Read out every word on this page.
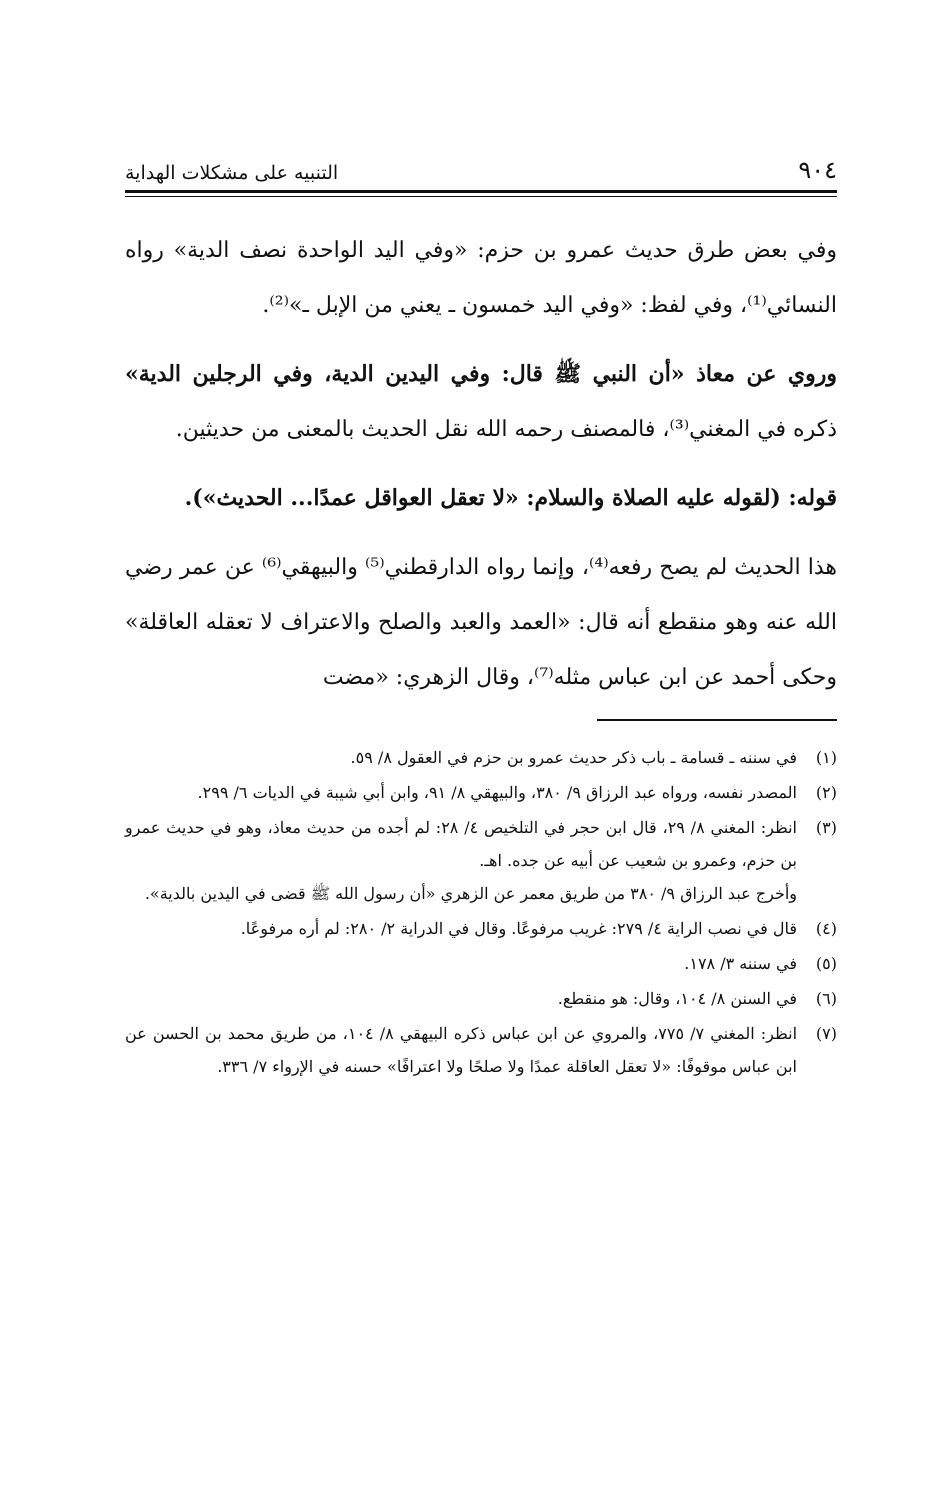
٩٠٤
التنبيه على مشكلات الهداية

وفي بعض طرق حديث عمرو بن حزم: «وفي اليد الواحدة نصف الدية» رواه النسائي⁽¹⁾، وفي لفظ: «وفي اليد خمسون ـ يعني من الإبل ـ»⁽²⁾.

وروي عن معاذ «أن النبي ﷺ قال: وفي اليدين الدية، وفي الرجلين الدية» ذكره في المغني⁽³⁾، فالمصنف رحمه الله نقل الحديث بالمعنى من حديثين.

قوله: (لقوله عليه الصلاة والسلام: «لا تعقل العواقل عمدًا... الحديث»).

هذا الحديث لم يصح رفعه⁽⁴⁾، وإنما رواه الدارقطني⁽⁵⁾ والبيهقي⁽⁶⁾ عن عمر رضي الله عنه وهو منقطع أنه قال: «العمد والعبد والصلح والاعتراف لا تعقله العاقلة» وحكى أحمد عن ابن عباس مثله⁽⁷⁾، وقال الزهري: «مضت

(١)

في سننه ـ قسامة ـ باب ذكر حديث عمرو بن حزم في العقول ٨/ ٥٩.

(٢)

المصدر نفسه، ورواه عبد الرزاق ٩/ ٣٨٠، والبيهقي ٨/ ٩١، وابن أبي شيبة في الديات ٦/ ٢٩٩.

(٣)

انظر: المغني ٨/ ٢٩، قال ابن حجر في التلخيص ٤/ ٢٨: لم أجده من حديث معاذ، وهو في حديث عمرو بن حزم، وعمرو بن شعيب عن أبيه عن جده. اهـ.

وأخرج عبد الرزاق ٩/ ٣٨٠ من طريق معمر عن الزهري «أن رسول الله ﷺ قضى في اليدين بالدية».

(٤)

قال في نصب الراية ٤/ ٢٧٩: غريب مرفوعًا. وقال في الدراية ٢/ ٢٨٠: لم أره مرفوعًا.

(٥)

في سننه ٣/ ١٧٨.

(٦)

في السنن ٨/ ١٠٤، وقال: هو منقطع.

(٧)

انظر: المغني ٧/ ٧٧٥، والمروي عن ابن عباس ذكره البيهقي ٨/ ١٠٤، من طريق محمد بن الحسن عن ابن عباس موقوفًا: «لا تعقل العاقلة عمدًا ولا صلحًا ولا اعترافًا» حسنه في الإرواء ٧/ ٣٣٦.
